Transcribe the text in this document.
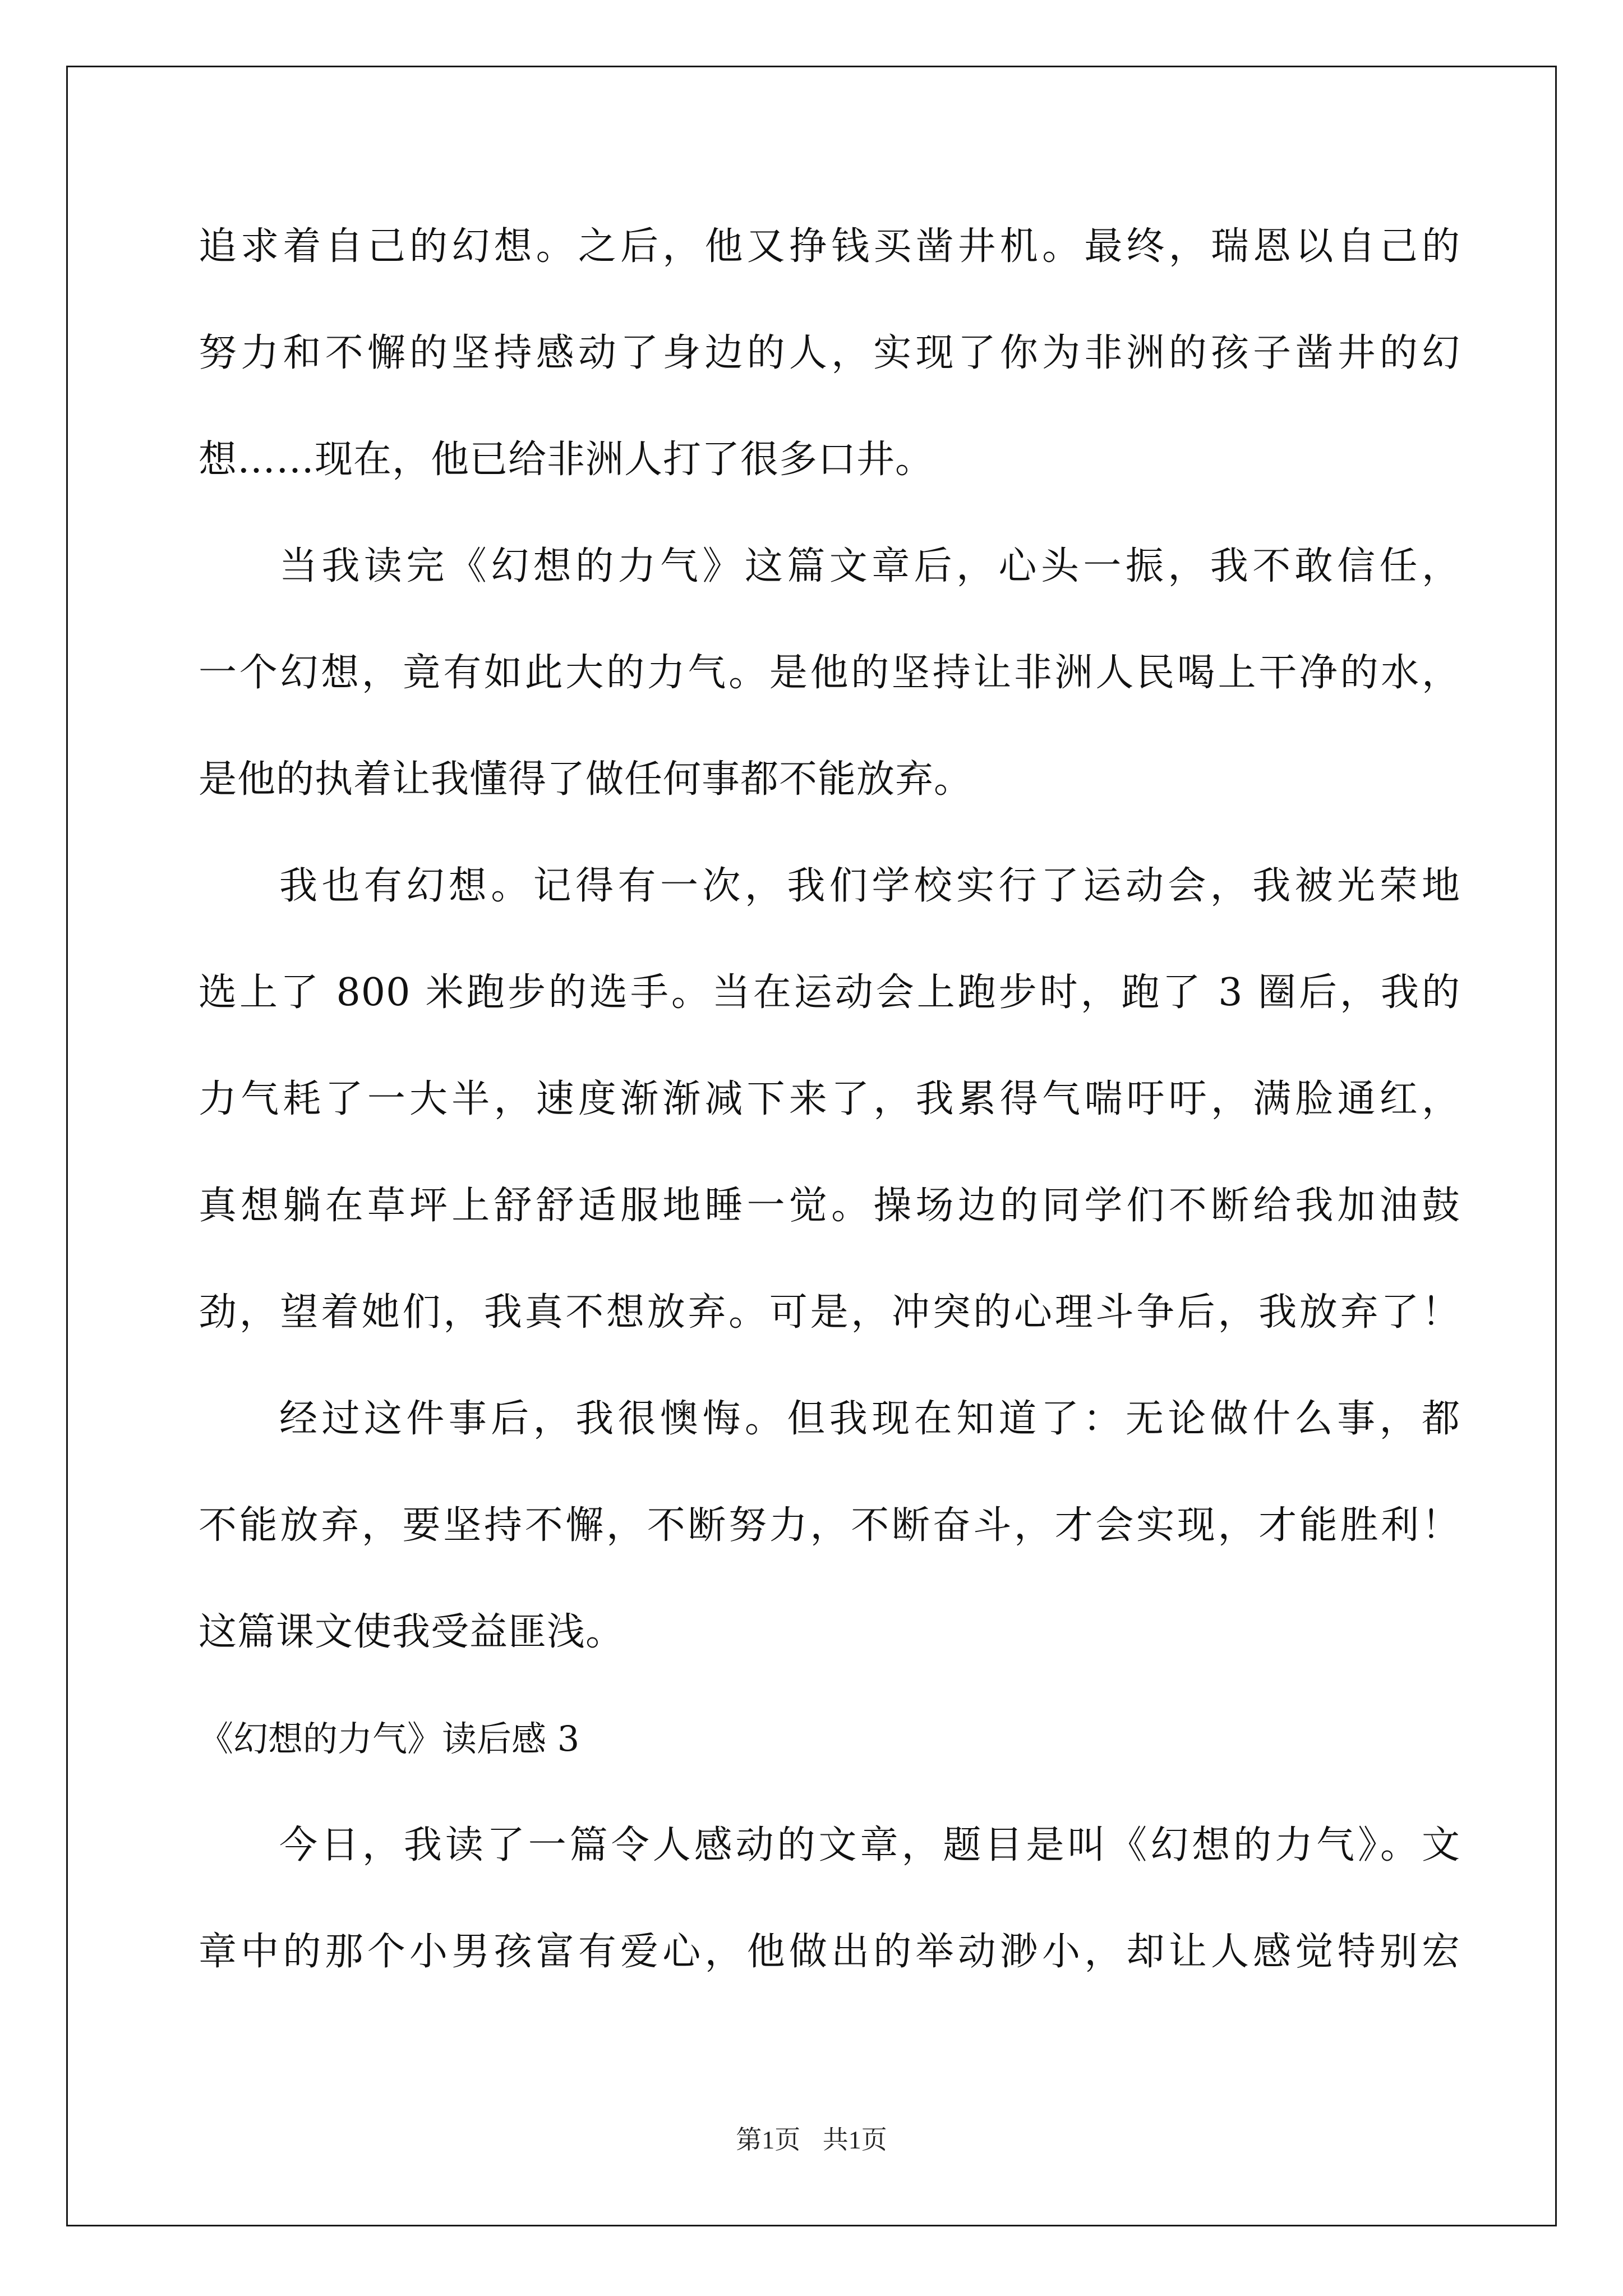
追求着自己的幻想。之后，他又挣钱买凿井机。最终，瑞恩以自己的
努力和不懈的坚持感动了身边的人，实现了你为非洲的孩子凿井的幻
想……现在，他已给非洲人打了很多口井。
当我读完《幻想的力气》这篇文章后，心头一振，我不敢信任，
一个幻想，竟有如此大的力气。是他的坚持让非洲人民喝上干净的水，
是他的执着让我懂得了做任何事都不能放弃。
我也有幻想。记得有一次，我们学校实行了运动会，我被光荣地
选上了 800 米跑步的选手。当在运动会上跑步时，跑了 3 圈后，我的
力气耗了一大半，速度渐渐减下来了，我累得气喘吁吁，满脸通红，
真想躺在草坪上舒舒适服地睡一觉。操场边的同学们不断给我加油鼓
劲，望着她们，我真不想放弃。可是，冲突的心理斗争后，我放弃了！
经过这件事后，我很懊悔。但我现在知道了：无论做什么事，都
不能放弃，要坚持不懈，不断努力，不断奋斗，才会实现，才能胜利！
这篇课文使我受益匪浅。
《幻想的力气》读后感 3
今日，我读了一篇令人感动的文章，题目是叫《幻想的力气》。文
章中的那个小男孩富有爱心，他做出的举动渺小，却让人感觉特别宏
第1页 共1页
